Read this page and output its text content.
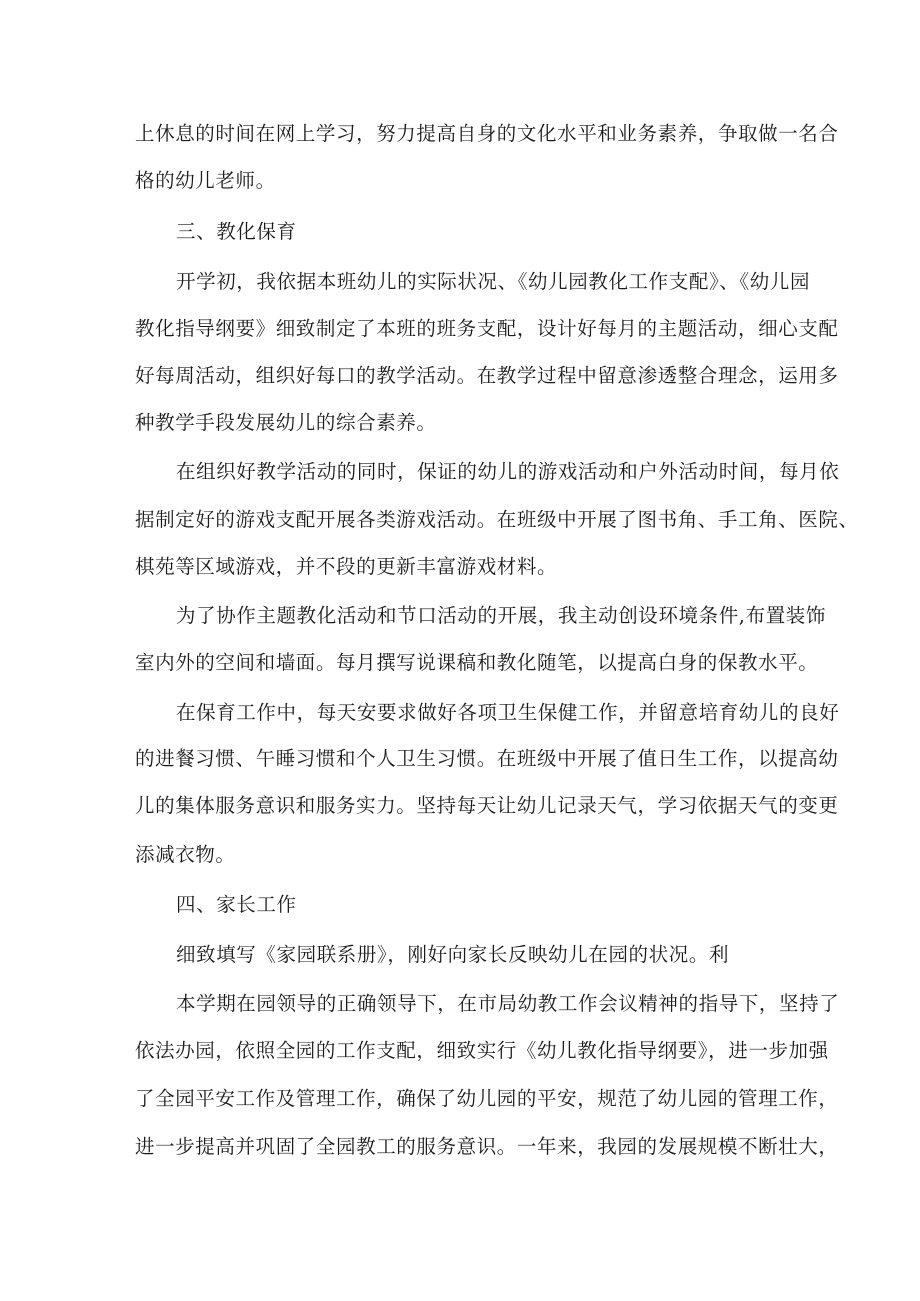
上休息的时间在网上学习，努力提高自身的文化水平和业务素养，争取做一名合
格的幼儿老师。
三、教化保育
开学初，我依据本班幼儿的实际状况、《幼儿园教化工作支配》、《幼儿园
教化指导纲要》细致制定了本班的班务支配，设计好每月的主题活动，细心支配
好每周活动，组织好每口的教学活动。在教学过程中留意渗透整合理念，运用多
种教学手段发展幼儿的综合素养。
在组织好教学活动的同时，保证的幼儿的游戏活动和户外活动时间，每月依
据制定好的游戏支配开展各类游戏活动。在班级中开展了图书角、手工角、医院、
棋苑等区域游戏，并不段的更新丰富游戏材料。
为了协作主题教化活动和节口活动的开展，我主动创设环境条件,布置装饰
室内外的空间和墙面。每月撰写说课稿和教化随笔，以提高白身的保教水平。
在保育工作中，每天安要求做好各项卫生保健工作，并留意培育幼儿的良好
的进餐习惯、午睡习惯和个人卫生习惯。在班级中开展了值日生工作，以提高幼
儿的集体服务意识和服务实力。坚持每天让幼儿记录天气，学习依据天气的变更
添减衣物。
四、家长工作
细致填写《家园联系册》，刚好向家长反映幼儿在园的状况。利
本学期在园领导的正确领导下，在市局幼教工作会议精神的指导下，坚持了
依法办园，依照全园的工作支配，细致实行《幼儿教化指导纲要》，进一步加强
了全园平安工作及管理工作，确保了幼儿园的平安，规范了幼儿园的管理工作，
进一步提高并巩固了全园教工的服务意识。一年来，我园的发展规模不断壮大，
